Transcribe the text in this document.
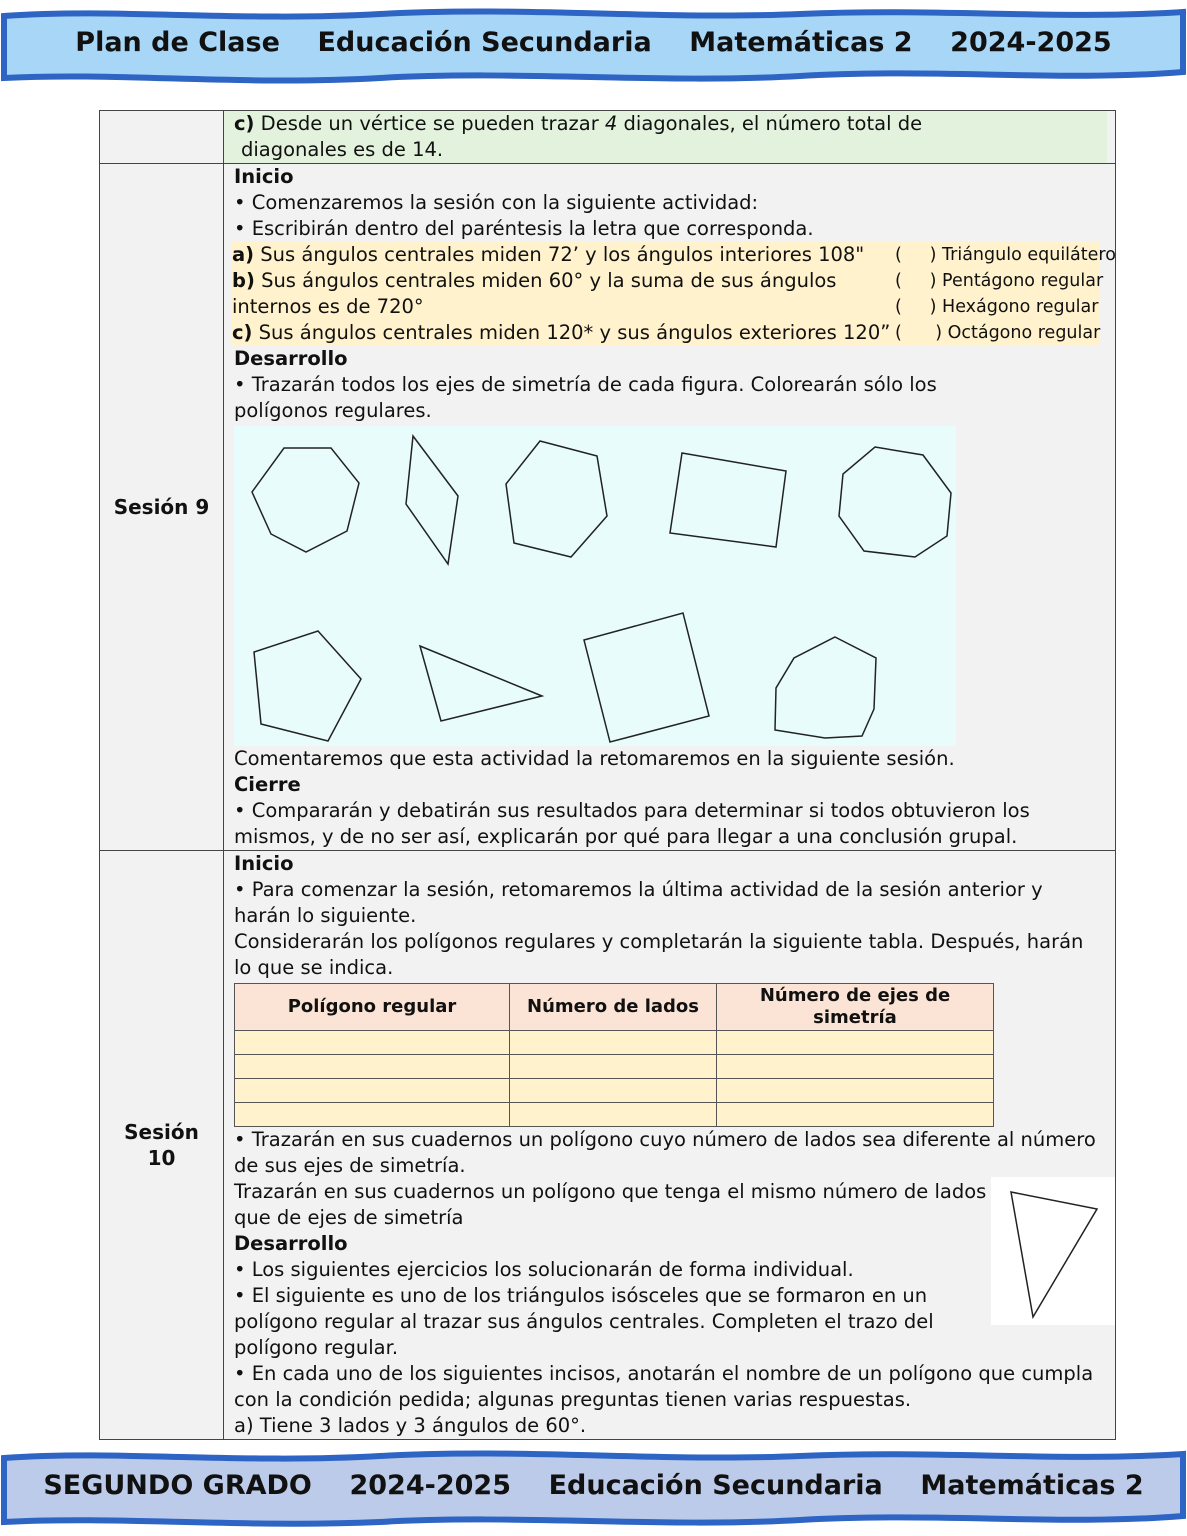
Plan de Clase    Educación Secundaria    Matemáticas 2    2024-2025

c) Desde un vértice se pueden trazar 4 diagonales, el número total de
diagonales es de 14.

Sesión 9	
Inicio
• Comenzaremos la sesión con la siguiente actividad:
• Escribirán dentro del paréntesis la letra que corresponda.
a) Sus ángulos centrales miden 72’ y los ángulos interiores 108" (     ) Triángulo equilátero
b) Sus ángulos centrales miden 60° y la suma de sus ángulos	(     ) Pentágono regular
internos es de 720°	(     ) Hexágono regular
c) Sus ángulos centrales miden 120* y sus ángulos exteriores 120” (      ) Octágono regular
Desarrollo
• Trazarán todos los ejes de simetría de cada figura. Colorearán sólo los polígonos regulares.
Comentaremos que esta actividad la retomaremos en la siguiente sesión.
Cierre
• Compararán y debatirán sus resultados para determinar si todos obtuvieron los mismos, y de no ser así, explicarán por qué para llegar a una conclusión grupal.

Sesión
10

Inicio
• Para comenzar la sesión, retomaremos la última actividad de la sesión anterior y harán lo siguiente.
Considerarán los polígonos regulares y completarán la siguiente tabla. Después, harán lo que se indica.
Polígono regular	Número de lados	Número de ejes de simetría

• Trazarán en sus cuadernos un polígono cuyo número de lados sea diferente al número de sus ejes de simetría.
Trazarán en sus cuadernos un polígono que tenga el mismo número de lados
que de ejes de simetría
Desarrollo
• Los siguientes ejercicios los solucionarán de forma individual.
• El siguiente es uno de los triángulos isósceles que se formaron en un
polígono regular al trazar sus ángulos centrales. Completen el trazo del
polígono regular.
• En cada uno de los siguientes incisos, anotarán el nombre de un polígono que cumpla con la condición pedida; algunas preguntas tienen varias respuestas.
a) Tiene 3 lados y 3 ángulos de 60°.
SEGUNDO GRADO    2024-2025    Educación Secundaria    Matemáticas 2
